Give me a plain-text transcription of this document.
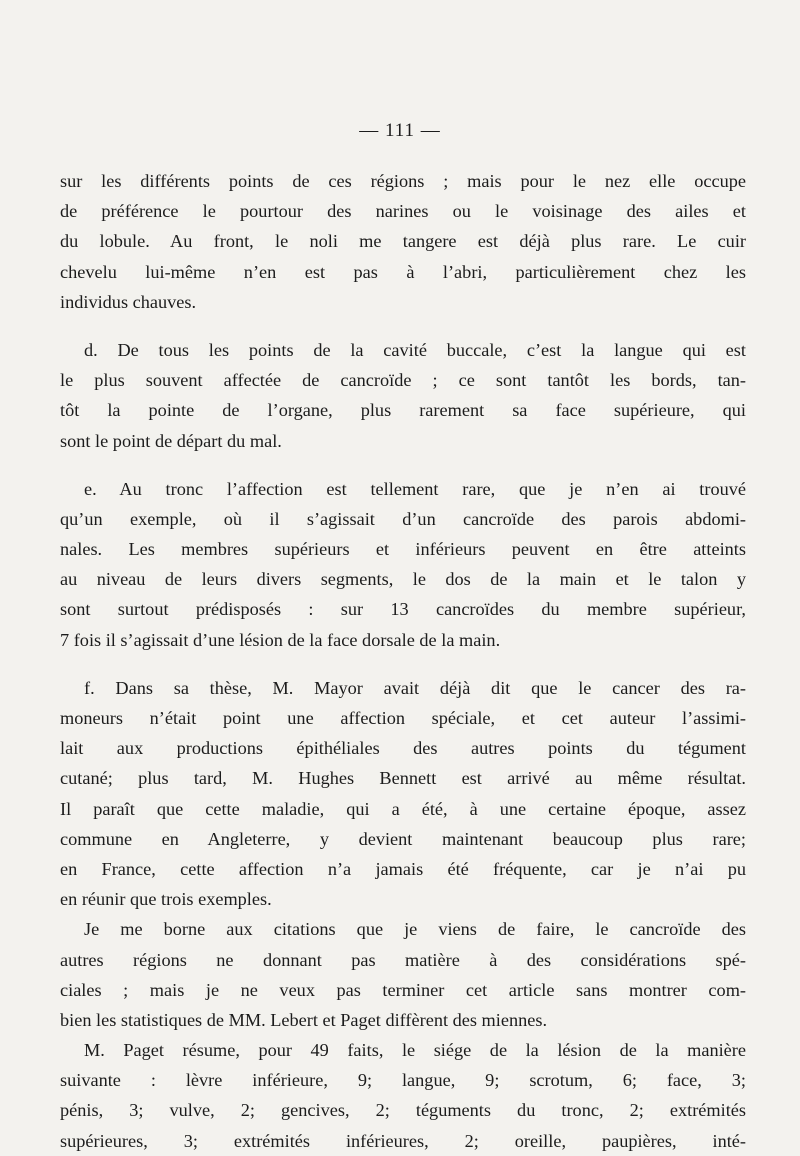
— 111 —
sur les différents points de ces régions ; mais pour le nez elle occupe
de préférence le pourtour des narines ou le voisinage des ailes et
du lobule. Au front, le noli me tangere est déjà plus rare. Le cuir
chevelu lui-même n’en est pas à l’abri, particulièrement chez les
individus chauves.
d. De tous les points de la cavité buccale, c’est la langue qui est
le plus souvent affectée de cancroïde ; ce sont tantôt les bords, tan-
tôt la pointe de l’organe, plus rarement sa face supérieure, qui
sont le point de départ du mal.
e. Au tronc l’affection est tellement rare, que je n’en ai trouvé
qu’un exemple, où il s’agissait d’un cancroïde des parois abdomi-
nales. Les membres supérieurs et inférieurs peuvent en être atteints
au niveau de leurs divers segments, le dos de la main et le talon y
sont surtout prédisposés : sur 13 cancroïdes du membre supérieur,
7 fois il s’agissait d’une lésion de la face dorsale de la main.
f. Dans sa thèse, M. Mayor avait déjà dit que le cancer des ra-
moneurs n’était point une affection spéciale, et cet auteur l’assimi-
lait aux productions épithéliales des autres points du tégument
cutané; plus tard, M. Hughes Bennett est arrivé au même résultat.
Il paraît que cette maladie, qui a été, à une certaine époque, assez
commune en Angleterre, y devient maintenant beaucoup plus rare;
en France, cette affection n’a jamais été fréquente, car je n’ai pu
en réunir que trois exemples.
Je me borne aux citations que je viens de faire, le cancroïde des
autres régions ne donnant pas matière à des considérations spé-
ciales ; mais je ne veux pas terminer cet article sans montrer com-
bien les statistiques de MM. Lebert et Paget diffèrent des miennes.
M. Paget résume, pour 49 faits, le siége de la lésion de la manière
suivante : lèvre inférieure, 9; langue, 9; scrotum, 6; face, 3;
pénis, 3; vulve, 2; gencives, 2; téguments du tronc, 2; extrémités
supérieures, 3; extrémités inférieures, 2; oreille, paupières, inté-
